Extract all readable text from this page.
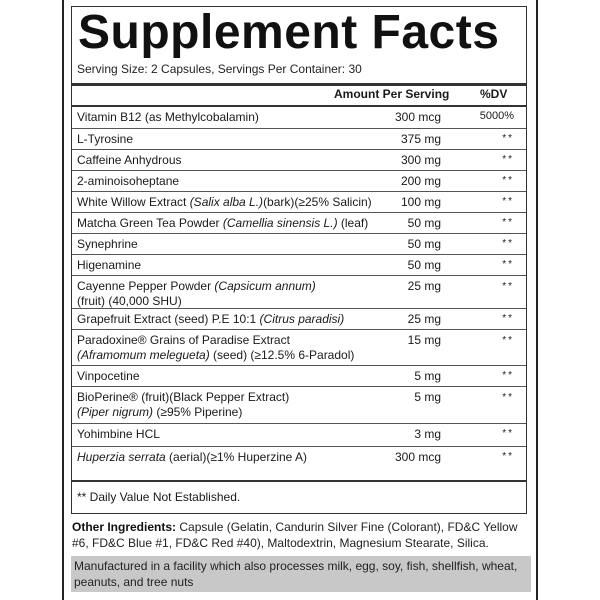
Supplement Facts
Serving Size: 2 Capsules, Servings Per Container: 30
Amount Per Serving	%DV
Vitamin B12 (as Methylcobalamin)	300 mcg	5000%
L-Tyrosine	375 mg	**
Caffeine Anhydrous	300 mg	**
2-aminoisoheptane	200 mg	**
White Willow Extract (Salix alba L.)(bark)(≥25% Salicin)	100 mg	**
Matcha Green Tea Powder (Camellia sinensis L.) (leaf)	50 mg	**
Synephrine	50 mg	**
Higenamine	50 mg	**
Cayenne Pepper Powder (Capsicum annum)
(fruit) (40,000 SHU)
25 mg	**
Grapefruit Extract (seed) P.E 10:1 (Citrus paradisi)	25 mg	**
Paradoxine® Grains of Paradise Extract
(Aframomum melegueta) (seed) (≥12.5% 6-Paradol)
15 mg	**
Vinpocetine	5 mg	**
BioPerine® (fruit)(Black Pepper Extract)
(Piper nigrum) (≥95% Piperine)
5 mg	**
Yohimbine HCL	3 mg	**
Huperzia serrata (aerial)(≥1% Huperzine A)	300 mcg	**
** Daily Value Not Established.
Other Ingredients: Capsule (Gelatin, Candurin Silver Fine (Colorant), FD&C Yellow #6, FD&C Blue #1, FD&C Red #40), Maltodextrin, Magnesium Stearate, Silica.
Manufactured in a facility which also processes milk, egg, soy, fish, shellfish, wheat, peanuts, and tree nuts
